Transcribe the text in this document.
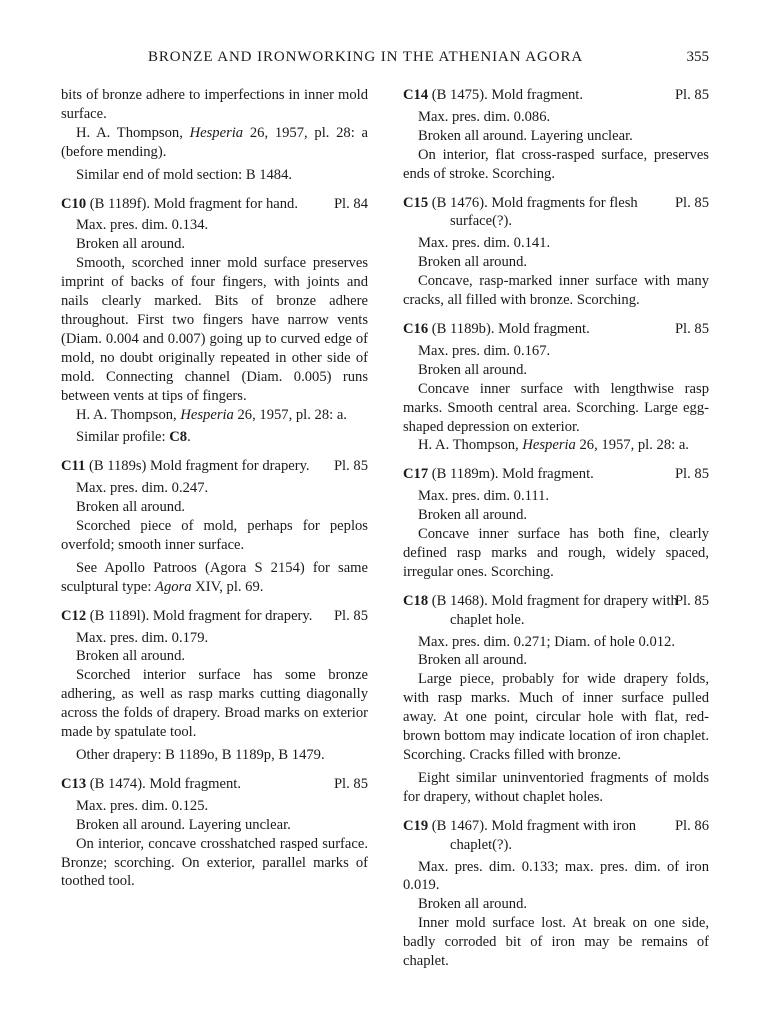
BRONZE AND IRONWORKING IN THE ATHENIAN AGORA	355

bits of bronze adhere to imperfections in inner mold surface.

H. A. Thompson, Hesperia 26, 1957, pl. 28: a (before mending).

Similar end of mold section: B 1484.

C10 (B 1189f). Mold fragment for hand.	Pl. 84

Max. pres. dim. 0.134.

Broken all around.

Smooth, scorched inner mold surface preserves imprint of backs of four fingers, with joints and nails clearly marked. Bits of bronze adhere throughout. First two fingers have narrow vents (Diam. 0.004 and 0.007) going up to curved edge of mold, no doubt originally repeated in other side of mold. Connecting channel (Diam. 0.005) runs between vents at tips of fingers.

H. A. Thompson, Hesperia 26, 1957, pl. 28: a.

Similar profile: C8.

C11 (B 1189s) Mold fragment for drapery.	Pl. 85

Max. pres. dim. 0.247.

Broken all around.

Scorched piece of mold, perhaps for peplos overfold; smooth inner surface.

See Apollo Patroos (Agora S 2154) for same sculptural type: Agora XIV, pl. 69.

C12 (B 1189l). Mold fragment for drapery.	Pl. 85

Max. pres. dim. 0.179.

Broken all around.

Scorched interior surface has some bronze adhering, as well as rasp marks cutting diagonally across the folds of drapery. Broad marks on exterior made by spatulate tool.

Other drapery: B 1189o, B 1189p, B 1479.

C13 (B 1474). Mold fragment.	Pl. 85

Max. pres. dim. 0.125.

Broken all around. Layering unclear.

On interior, concave crosshatched rasped surface. Bronze; scorching. On exterior, parallel marks of toothed tool.

C14 (B 1475). Mold fragment.	Pl. 85

Max. pres. dim. 0.086.

Broken all around. Layering unclear.

On interior, flat cross-rasped surface, preserves ends of stroke. Scorching.

C15 (B 1476). Mold fragments for flesh surface(?).

Pl. 85

Max. pres. dim. 0.141.

Broken all around.

Concave, rasp-marked inner surface with many cracks, all filled with bronze. Scorching.

C16 (B 1189b). Mold fragment.	Pl. 85

Max. pres. dim. 0.167.

Broken all around.

Concave inner surface with lengthwise rasp marks. Smooth central area. Scorching. Large egg-shaped depression on exterior.

H. A. Thompson, Hesperia 26, 1957, pl. 28: a.

C17 (B 1189m). Mold fragment.	Pl. 85

Max. pres. dim. 0.111.

Broken all around.

Concave inner surface has both fine, clearly defined rasp marks and rough, widely spaced, irregular ones. Scorching.

C18 (B 1468). Mold fragment for drapery with chaplet hole.

Pl. 85

Max. pres. dim. 0.271; Diam. of hole 0.012.

Broken all around.

Large piece, probably for wide drapery folds, with rasp marks. Much of inner surface pulled away. At one point, circular hole with flat, red-brown bottom may indicate location of iron chaplet. Scorching. Cracks filled with bronze.

Eight similar uninventoried fragments of molds for drapery, without chaplet holes.

C19 (B 1467). Mold fragment with iron chaplet(?).

Pl. 86

Max. pres. dim. 0.133; max. pres. dim. of iron 0.019.

Broken all around.

Inner mold surface lost. At break on one side, badly corroded bit of iron may be remains of chaplet.
